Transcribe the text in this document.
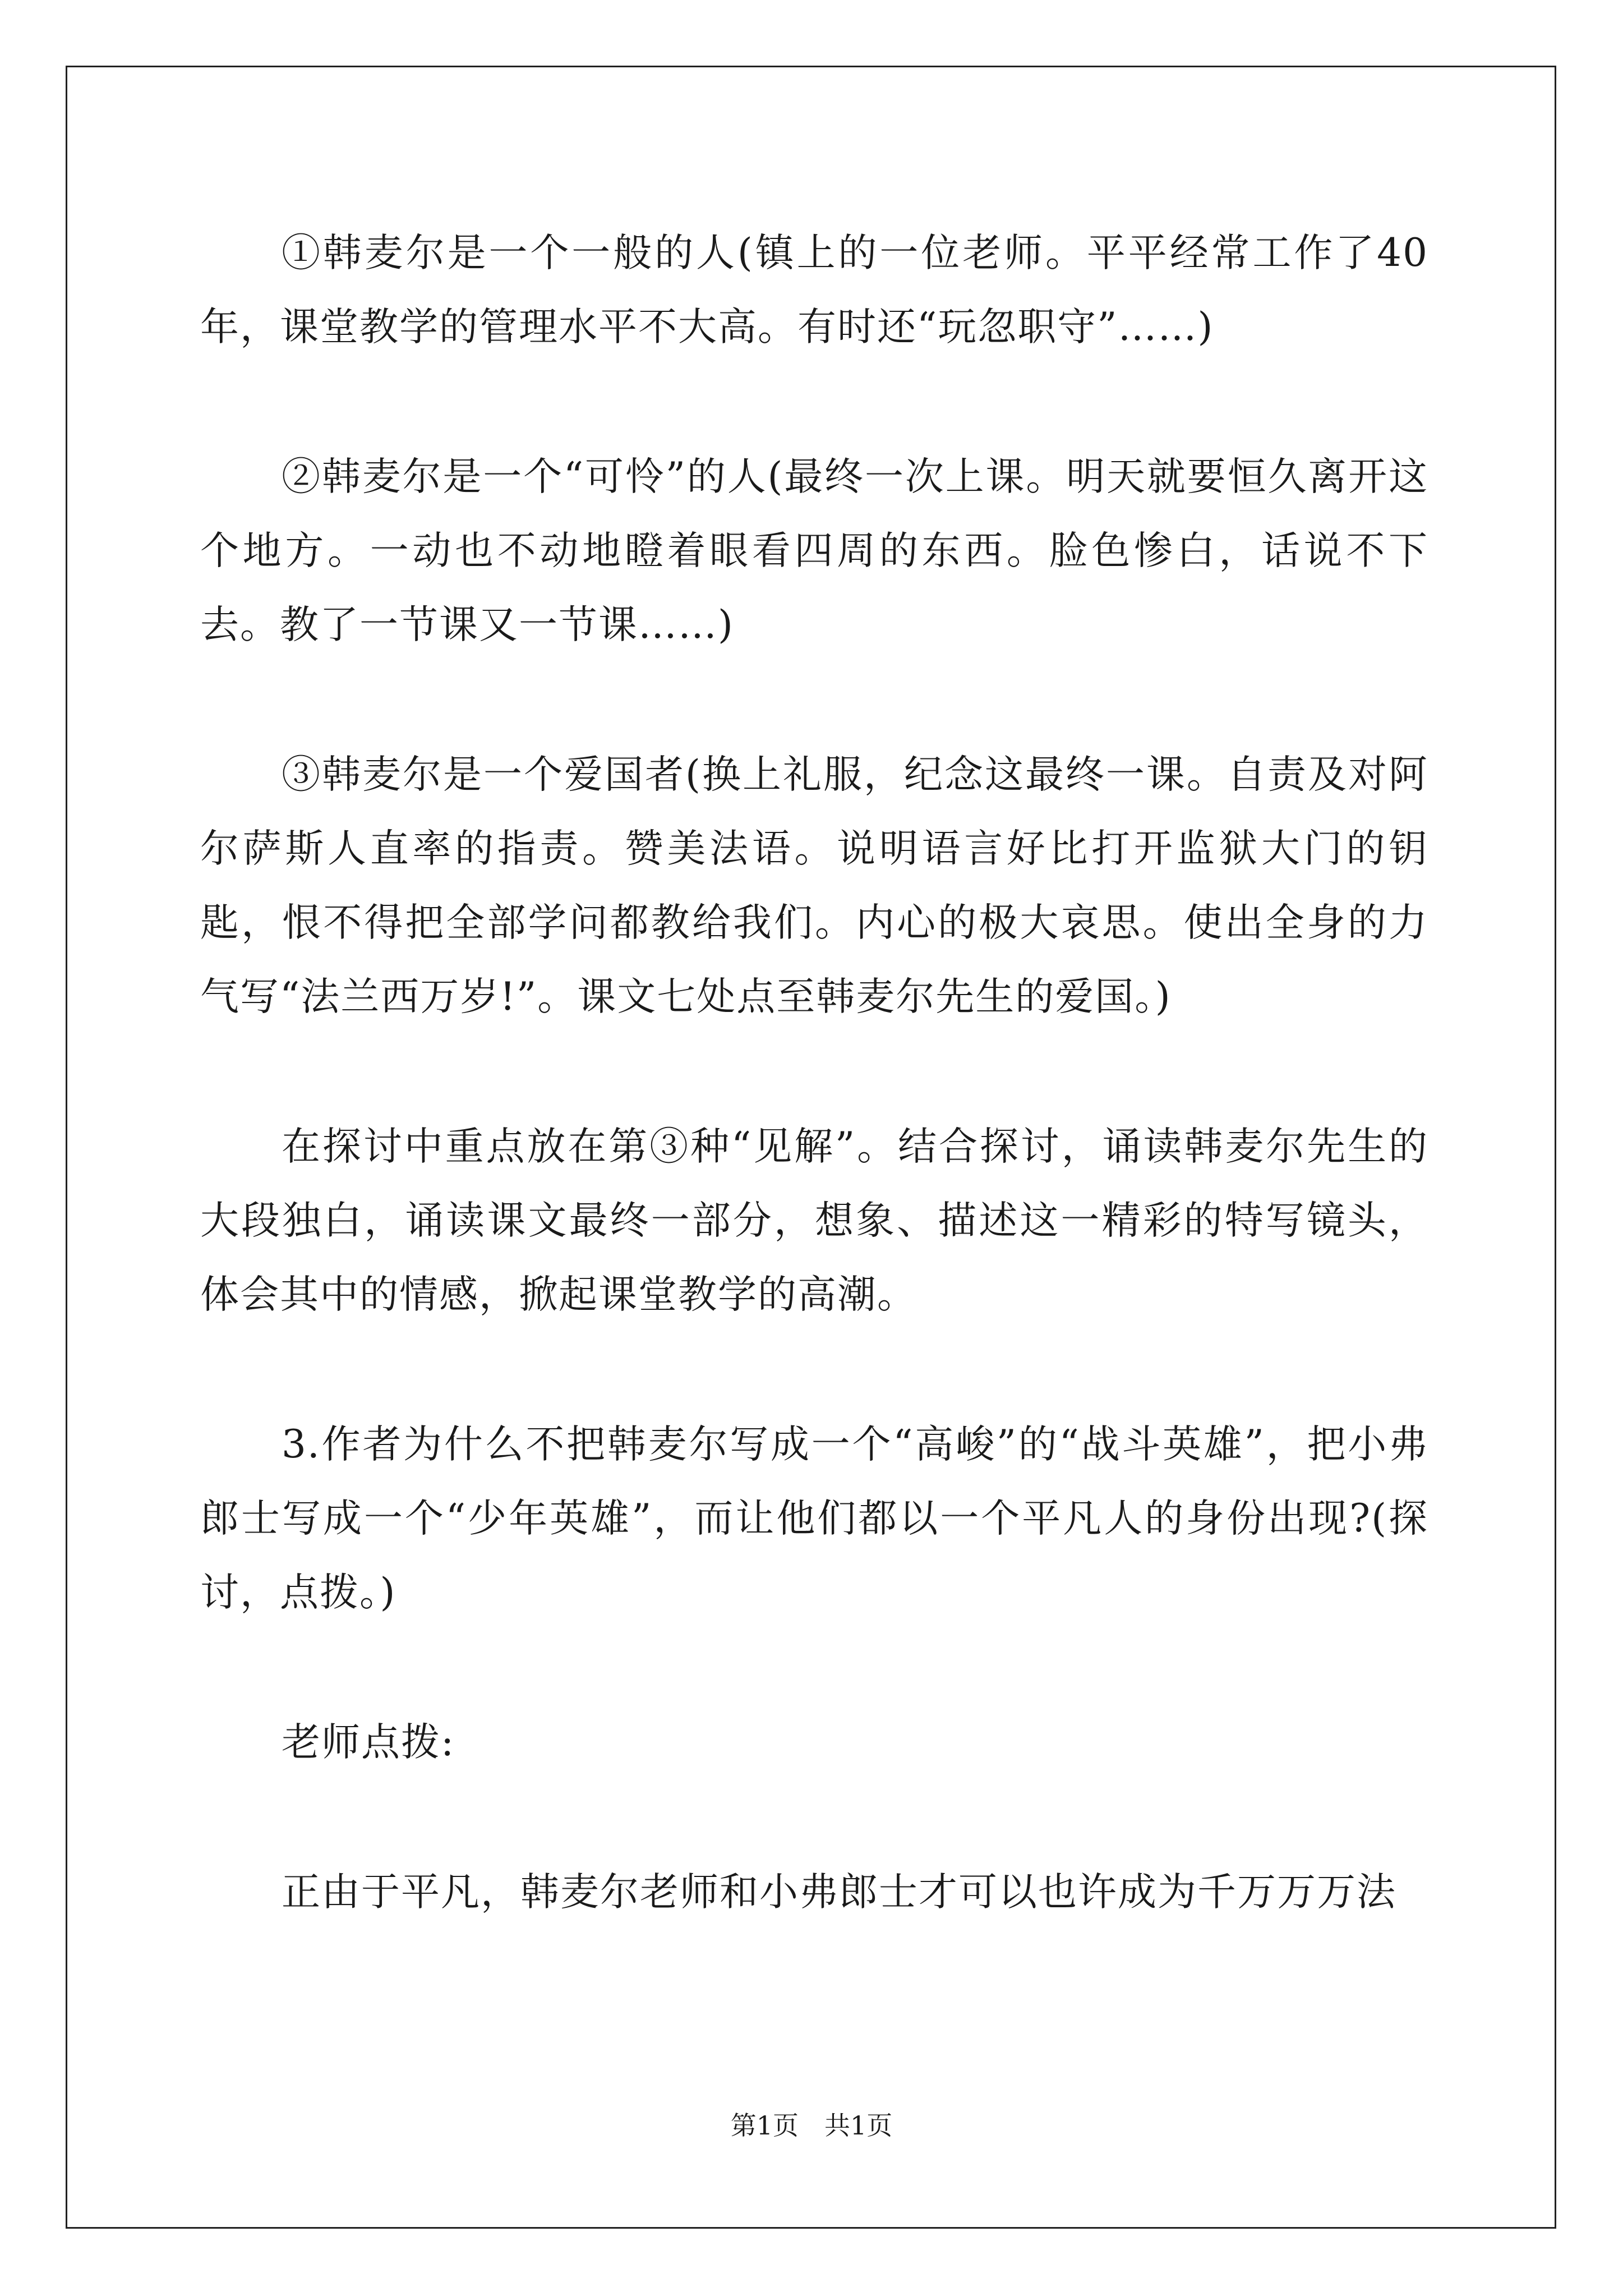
①韩麦尔是一个一般的人(镇上的一位老师。平平经常工作了40年，课堂教学的管理水平不大高。有时还“玩忽职守”……)

②韩麦尔是一个“可怜”的人(最终一次上课。明天就要恒久离开这个地方。一动也不动地瞪着眼看四周的东西。脸色惨白，话说不下去。教了一节课又一节课……)

③韩麦尔是一个爱国者(换上礼服，纪念这最终一课。自责及对阿尔萨斯人直率的指责。赞美法语。说明语言好比打开监狱大门的钥匙，恨不得把全部学问都教给我们。内心的极大哀思。使出全身的力气写“法兰西万岁!”。课文七处点至韩麦尔先生的爱国。)

在探讨中重点放在第③种“见解”。结合探讨，诵读韩麦尔先生的大段独白，诵读课文最终一部分，想象、描述这一精彩的特写镜头，体会其中的情感，掀起课堂教学的高潮。

3.作者为什么不把韩麦尔写成一个“高峻”的“战斗英雄”，把小弗郎士写成一个“少年英雄”，而让他们都以一个平凡人的身份出现?(探讨，点拨。)

老师点拨:

正由于平凡，韩麦尔老师和小弗郎士才可以也许成为千万万万法

第1页　共1页
